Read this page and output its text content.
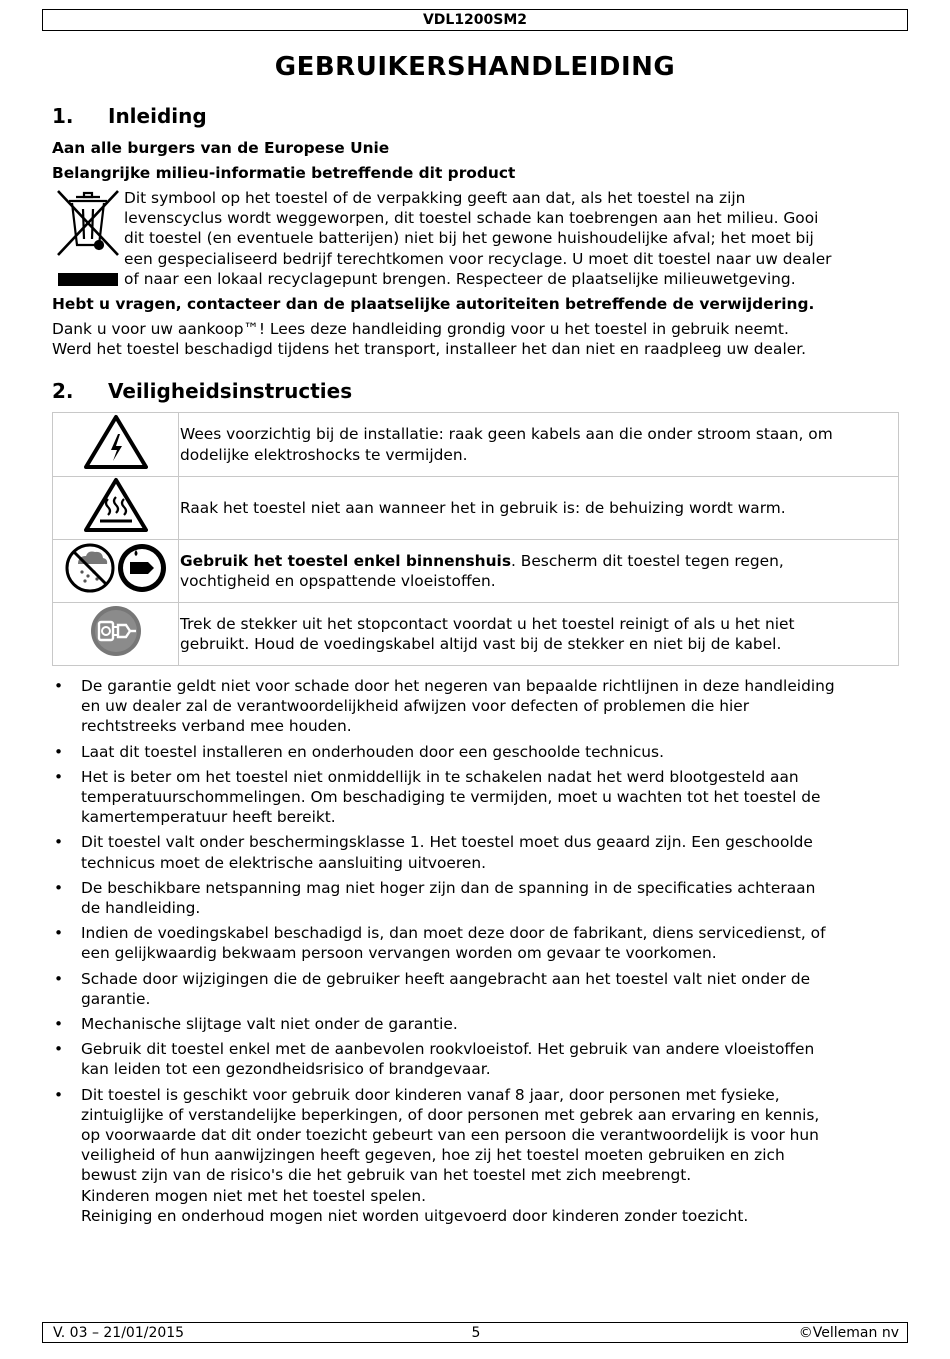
VDL1200SM2
GEBRUIKERSHANDLEIDING
1. Inleiding
Aan alle burgers van de Europese Unie
Belangrijke milieu-informatie betreffende dit product
Dit symbool op het toestel of de verpakking geeft aan dat, als het toestel na zijn
levenscyclus wordt weggeworpen, dit toestel schade kan toebrengen aan het milieu. Gooi
dit toestel (en eventuele batterijen) niet bij het gewone huishoudelijke afval; het moet bij
een gespecialiseerd bedrijf terechtkomen voor recyclage. U moet dit toestel naar uw dealer
of naar een lokaal recyclagepunt brengen. Respecteer de plaatselijke milieuwetgeving.
Hebt u vragen, contacteer dan de plaatselijke autoriteiten betreffende de verwijdering.
Dank u voor uw aankoop™! Lees deze handleiding grondig voor u het toestel in gebruik neemt.
Werd het toestel beschadigd tijdens het transport, installeer het dan niet en raadpleeg uw dealer.
2. Veiligheidsinstructies

Wees voorzichtig bij de installatie: raak geen kabels aan die onder stroom staan, om
dodelijke elektroshocks te vermijden.

Raak het toestel niet aan wanneer het in gebruik is: de behuizing wordt warm.

Gebruik het toestel enkel binnenshuis. Bescherm dit toestel tegen regen,
vochtigheid en opspattende vloeistoffen.

Trek de stekker uit het stopcontact voordat u het toestel reinigt of als u het niet
gebruikt. Houd de voedingskabel altijd vast bij de stekker en niet bij de kabel.
• De garantie geldt niet voor schade door het negeren van bepaalde richtlijnen in deze handleiding
en uw dealer zal de verantwoordelijkheid afwijzen voor defecten of problemen die hier
rechtstreeks verband mee houden.
• Laat dit toestel installeren en onderhouden door een geschoolde technicus.
• Het is beter om het toestel niet onmiddellijk in te schakelen nadat het werd blootgesteld aan
temperatuurschommelingen. Om beschadiging te vermijden, moet u wachten tot het toestel de
kamertemperatuur heeft bereikt.
• Dit toestel valt onder beschermingsklasse 1. Het toestel moet dus geaard zijn. Een geschoolde
technicus moet de elektrische aansluiting uitvoeren.
• De beschikbare netspanning mag niet hoger zijn dan de spanning in de specificaties achteraan
de handleiding.
• Indien de voedingskabel beschadigd is, dan moet deze door de fabrikant, diens servicedienst, of
een gelijkwaardig bekwaam persoon vervangen worden om gevaar te voorkomen.
• Schade door wijzigingen die de gebruiker heeft aangebracht aan het toestel valt niet onder de
garantie.
• Mechanische slijtage valt niet onder de garantie.
• Gebruik dit toestel enkel met de aanbevolen rookvloeistof. Het gebruik van andere vloeistoffen
kan leiden tot een gezondheidsrisico of brandgevaar.
• Dit toestel is geschikt voor gebruik door kinderen vanaf 8 jaar, door personen met fysieke,
zintuiglijke of verstandelijke beperkingen, of door personen met gebrek aan ervaring en kennis,
op voorwaarde dat dit onder toezicht gebeurt van een persoon die verantwoordelijk is voor hun
veiligheid of hun aanwijzingen heeft gegeven, hoe zij het toestel moeten gebruiken en zich
bewust zijn van de risico's die het gebruik van het toestel met zich meebrengt.
Kinderen mogen niet met het toestel spelen.
Reiniging en onderhoud mogen niet worden uitgevoerd door kinderen zonder toezicht.
V. 03 – 21/01/2015	5	©Velleman nv
